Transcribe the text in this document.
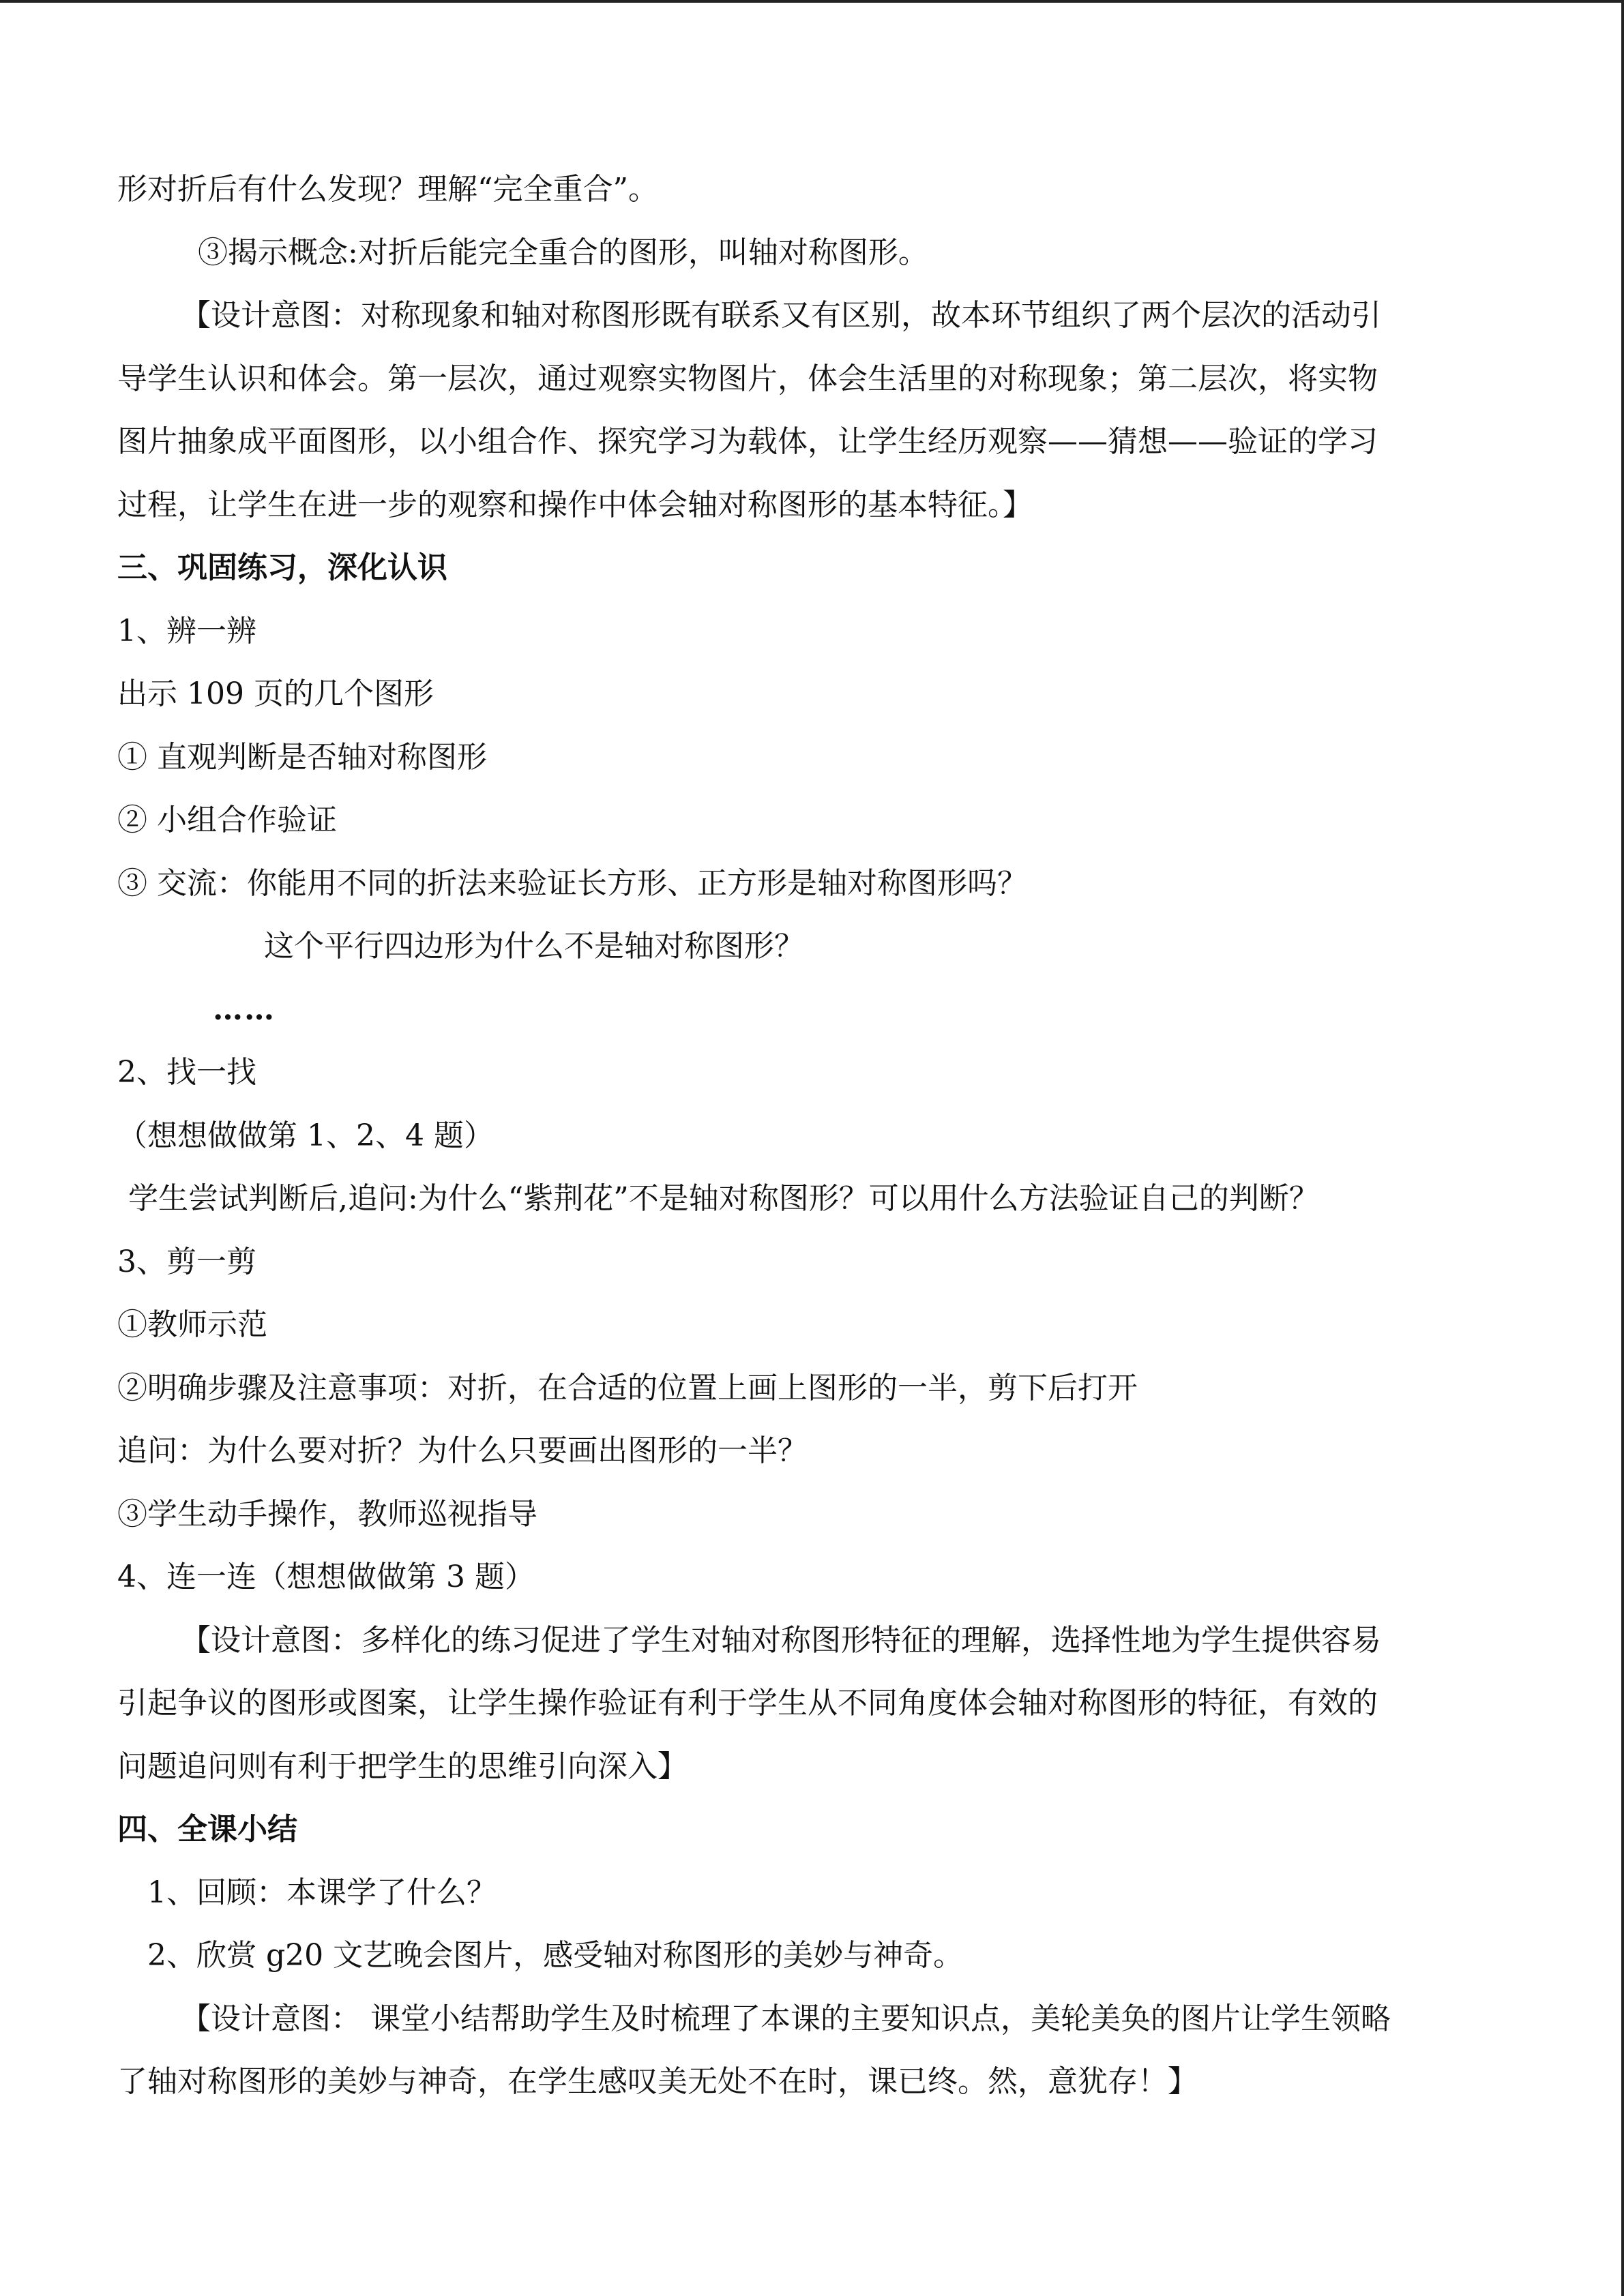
形对折后有什么发现？理解“完全重合”。

③揭示概念:对折后能完全重合的图形，叫轴对称图形。

【设计意图：对称现象和轴对称图形既有联系又有区别，故本环节组织了两个层次的活动引

导学生认识和体会。第一层次，通过观察实物图片，体会生活里的对称现象；第二层次，将实物

图片抽象成平面图形，以小组合作、探究学习为载体，让学生经历观察——猜想——验证的学习

过程，让学生在进一步的观察和操作中体会轴对称图形的基本特征。】

三、巩固练习，深化认识

1、辨一辨

出示 109 页的几个图形

① 直观判断是否轴对称图形

② 小组合作验证

③ 交流：你能用不同的折法来验证长方形、正方形是轴对称图形吗？

这个平行四边形为什么不是轴对称图形？

……

2、找一找

（想想做做第 1、2、4 题）

学生尝试判断后,追问:为什么“紫荆花”不是轴对称图形？可以用什么方法验证自己的判断？

3、剪一剪

①教师示范

②明确步骤及注意事项：对折，在合适的位置上画上图形的一半，剪下后打开

追问：为什么要对折？为什么只要画出图形的一半？

③学生动手操作，教师巡视指导

4、连一连（想想做做第 3 题）

【设计意图：多样化的练习促进了学生对轴对称图形特征的理解，选择性地为学生提供容易

引起争议的图形或图案，让学生操作验证有利于学生从不同角度体会轴对称图形的特征，有效的

问题追问则有利于把学生的思维引向深入】

四、全课小结

1、回顾：本课学了什么？

2、欣赏 g20 文艺晚会图片，感受轴对称图形的美妙与神奇。

【设计意图： 课堂小结帮助学生及时梳理了本课的主要知识点，美轮美奂的图片让学生领略

了轴对称图形的美妙与神奇，在学生感叹美无处不在时，课已终。然，意犹存！】
